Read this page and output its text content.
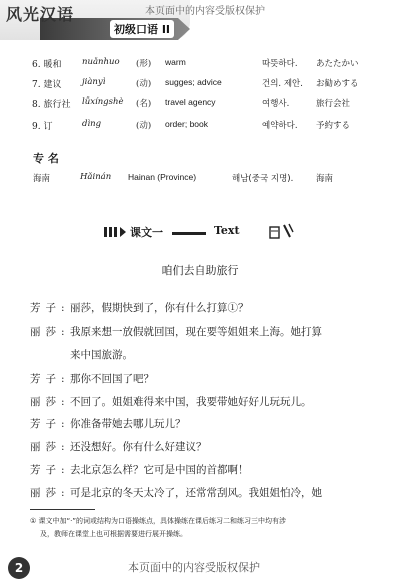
风光汉语
初级口语 II
本页面中的内容受版权保护
6. 暖和 nuǎnhuo (形) warm	따뜻하다. あたたかい
7. 建议 jiànyì	(动) sugges; advice	건의. 제안. お勧めする
8. 旅行社 lǚxíngshè (名) travel agency	여행사.	旅行会社
9. 订	dìng	(动) order; book	예약하다. 予約する
专 名
海南	Hǎinán Hainan (Province)	해남(중국 지명).	海南
课文一	Text
咱们去自助旅行
芳子: 丽莎，假期快到了，你有什么打算①？
丽莎: 我原来想一放假就回国，现在要等姐姐来上海。她打算
来中国旅游。
芳子: 那你不回国了吧？
丽莎: 不回了。姐姐难得来中国，我要带她好好儿玩玩儿。
芳子: 你准备带她去哪儿玩儿？
丽莎: 还没想好。你有什么好建议？
芳子: 去北京怎么样？它可是中国的首都啊！
丽莎: 可是北京的冬天太冷了，还常常刮风。我姐姐怕冷，她
① 课文中加“·”的词或结构为口语操练点，具体操练在课后练习二和练习三中均有涉
及，教师在课堂上也可根据需要进行展开操练。
2	本页面中的内容受版权保护
